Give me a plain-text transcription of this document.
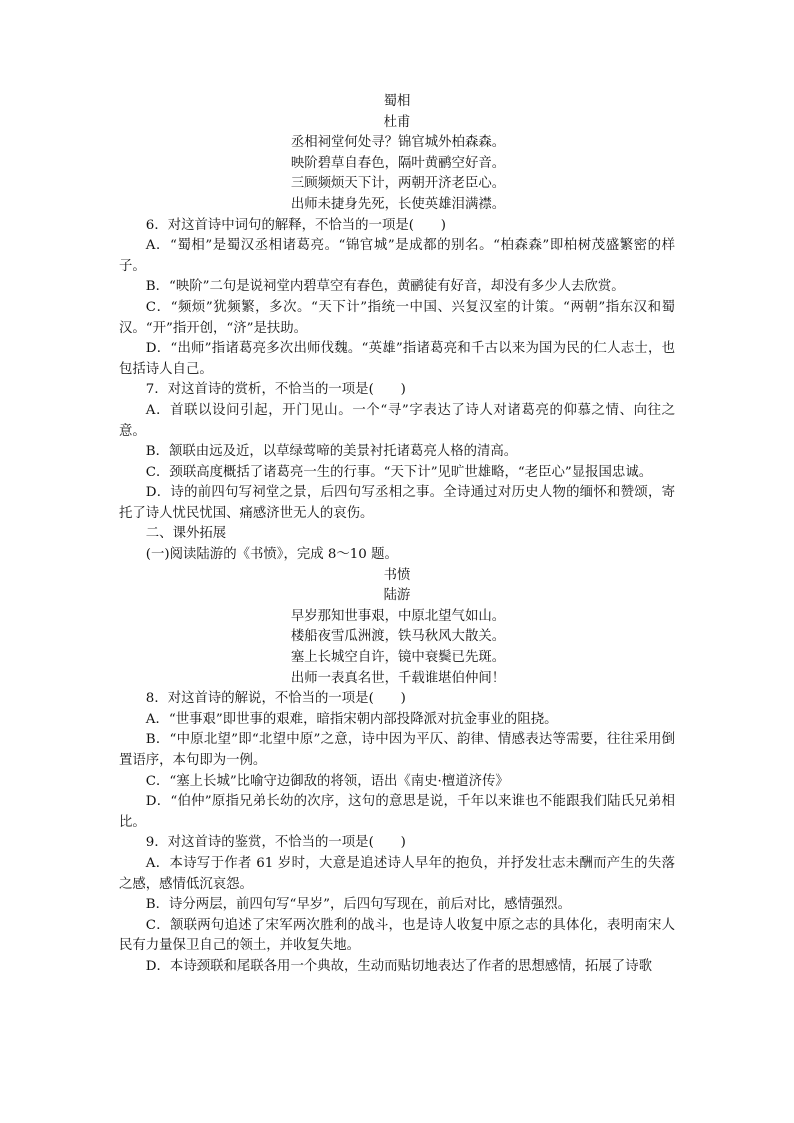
蜀相
杜甫
丞相祠堂何处寻？锦官城外柏森森。
映阶碧草自春色，隔叶黄鹂空好音。
三顾频烦天下计，两朝开济老臣心。
出师未捷身先死，长使英雄泪满襟。

6．对这首诗中词句的解释，不恰当的一项是(　　)

A．“蜀相”是蜀汉丞相诸葛亮。“锦官城”是成都的别名。“柏森森”即柏树茂盛繁密的样子。

B．“映阶”二句是说祠堂内碧草空有春色，黄鹂徒有好音，却没有多少人去欣赏。

C．“频烦”犹频繁，多次。“天下计”指统一中国、兴复汉室的计策。“两朝”指东汉和蜀汉。“开”指开创，“济”是扶助。

D．“出师”指诸葛亮多次出师伐魏。“英雄”指诸葛亮和千古以来为国为民的仁人志士，也包括诗人自己。

7．对这首诗的赏析，不恰当的一项是(　　)

A．首联以设问引起，开门见山。一个“寻”字表达了诗人对诸葛亮的仰慕之情、向往之意。

B．颔联由远及近，以草绿莺啼的美景衬托诸葛亮人格的清高。

C．颈联高度概括了诸葛亮一生的行事。“天下计”见旷世雄略，“老臣心”显报国忠诚。

D．诗的前四句写祠堂之景，后四句写丞相之事。全诗通过对历史人物的缅怀和赞颂，寄托了诗人忧民忧国、痛感济世无人的哀伤。

二、课外拓展

(一)阅读陆游的《书愤》，完成 8～10 题。

书愤
陆游
早岁那知世事艰，中原北望气如山。
楼船夜雪瓜洲渡，铁马秋风大散关。
塞上长城空自许，镜中衰鬓已先斑。
出师一表真名世，千载谁堪伯仲间！

8．对这首诗的解说，不恰当的一项是(　　)

A．“世事艰”即世事的艰难，暗指宋朝内部投降派对抗金事业的阻挠。

B．“中原北望”即“北望中原”之意，诗中因为平仄、韵律、情感表达等需要，往往采用倒置语序，本句即为一例。

C．“塞上长城”比喻守边御敌的将领，语出《南史·檀道济传》

D．“伯仲”原指兄弟长幼的次序，这句的意思是说，千年以来谁也不能跟我们陆氏兄弟相比。

9．对这首诗的鉴赏，不恰当的一项是(　　)

A．本诗写于作者 61 岁时，大意是追述诗人早年的抱负，并抒发壮志未酬而产生的失落之感，感情低沉哀怨。

B．诗分两层，前四句写“早岁”，后四句写现在，前后对比，感情强烈。

C．颔联两句追述了宋军两次胜利的战斗，也是诗人收复中原之志的具体化，表明南宋人民有力量保卫自己的领土，并收复失地。

D．本诗颈联和尾联各用一个典故，生动而贴切地表达了作者的思想感情，拓展了诗歌
